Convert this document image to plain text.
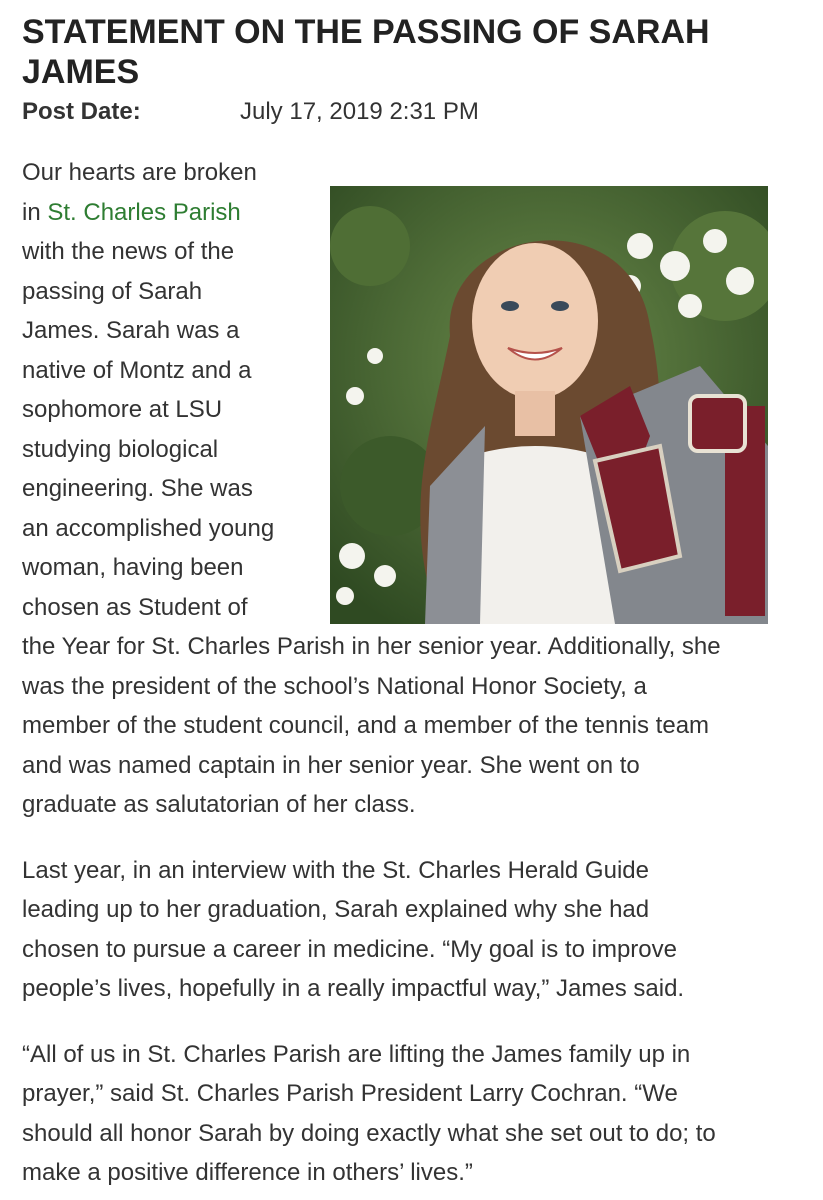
STATEMENT ON THE PASSING OF SARAH JAMES
Post Date:	July 17, 2019 2:31 PM
Our hearts are broken
in St. Charles Parish
with the news of the
passing of Sarah
James. Sarah was a
native of Montz and a
sophomore at LSU
studying biological
engineering. She was
an accomplished young
woman, having been
chosen as Student of
the Year for St. Charles Parish in her senior year. Additionally, she
was the president of the school’s National Honor Society, a
member of the student council, and a member of the tennis team
and was named captain in her senior year. She went on to
graduate as salutatorian of her class.
Last year, in an interview with the St. Charles Herald Guide
leading up to her graduation, Sarah explained why she had
chosen to pursue a career in medicine. “My goal is to improve
people’s lives, hopefully in a really impactful way,” James said.
“All of us in St. Charles Parish are lifting the James family up in
prayer,” said St. Charles Parish President Larry Cochran. “We
should all honor Sarah by doing exactly what she set out to do; to
make a positive difference in others’ lives.”
